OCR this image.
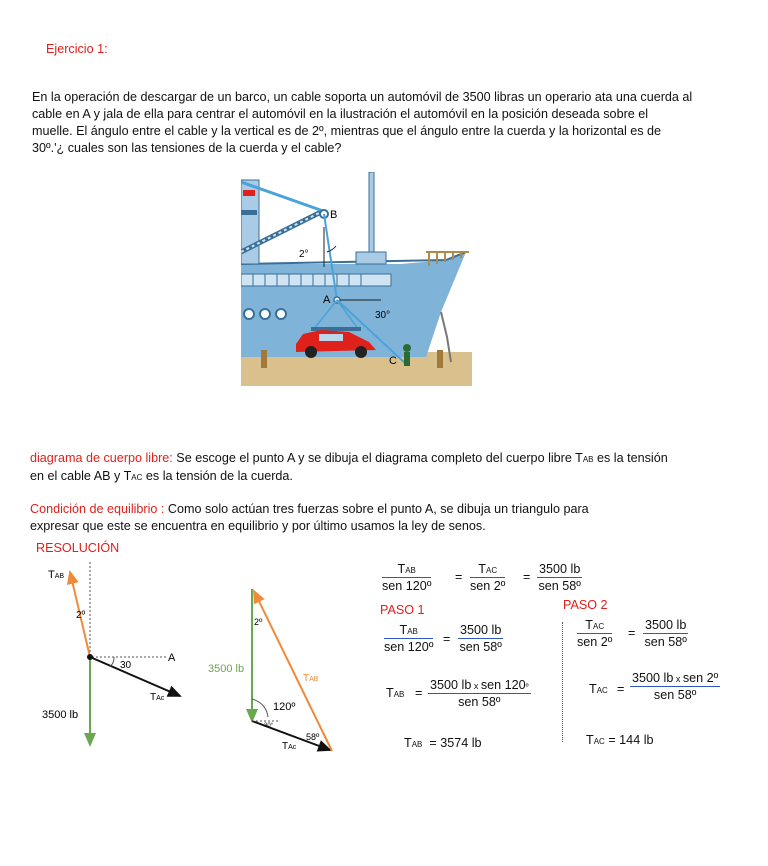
Ejercicio 1:
En la operación de descargar de un barco, un cable soporta un automóvil de 3500 libras un operario ata una cuerda al
cable en A y jala de ella para centrar el automóvil en la ilustración el automóvil en la posición deseada sobre el
muelle. El ángulo entre el cable y la vertical es de 2º, mientras que el ángulo entre la cuerda y la horizontal es de
30º.'¿ cuales son las tensiones de la cuerda y el cable?
B
2°
A
30°
C
diagrama de cuerpo libre: Se escoge el punto A y se dibuja el diagrama completo del cuerpo libre TAB es la tensión
en el cable AB y TAC es la tensión de la cuerda.
Condición de equilibrio : Como solo actúan tres fuerzas sobre el punto A, se dibuja un triangulo para
expresar que este se encuentra en equilibrio y por último usamos la ley de senos.
RESOLUCIÓN
TAB
2º
A
30
TAc
3500 lb
2º
3500 lb
TAB
120º
30°
58º
TAc
TAB
sen 120º
=
TAC
sen 2º
=
3500 lb
sen 58º
PASO 1
TAB
sen 120º
=
3500 lb
sen 58º
TAB =
3500 lb x sen 120º
sen 58º
TAB = 3574 lb
PASO 2
TAC
sen 2º
=
3500 lb
sen 58º
TAC =
3500 lb x sen 2º
sen 58º
TAC = 144 lb
